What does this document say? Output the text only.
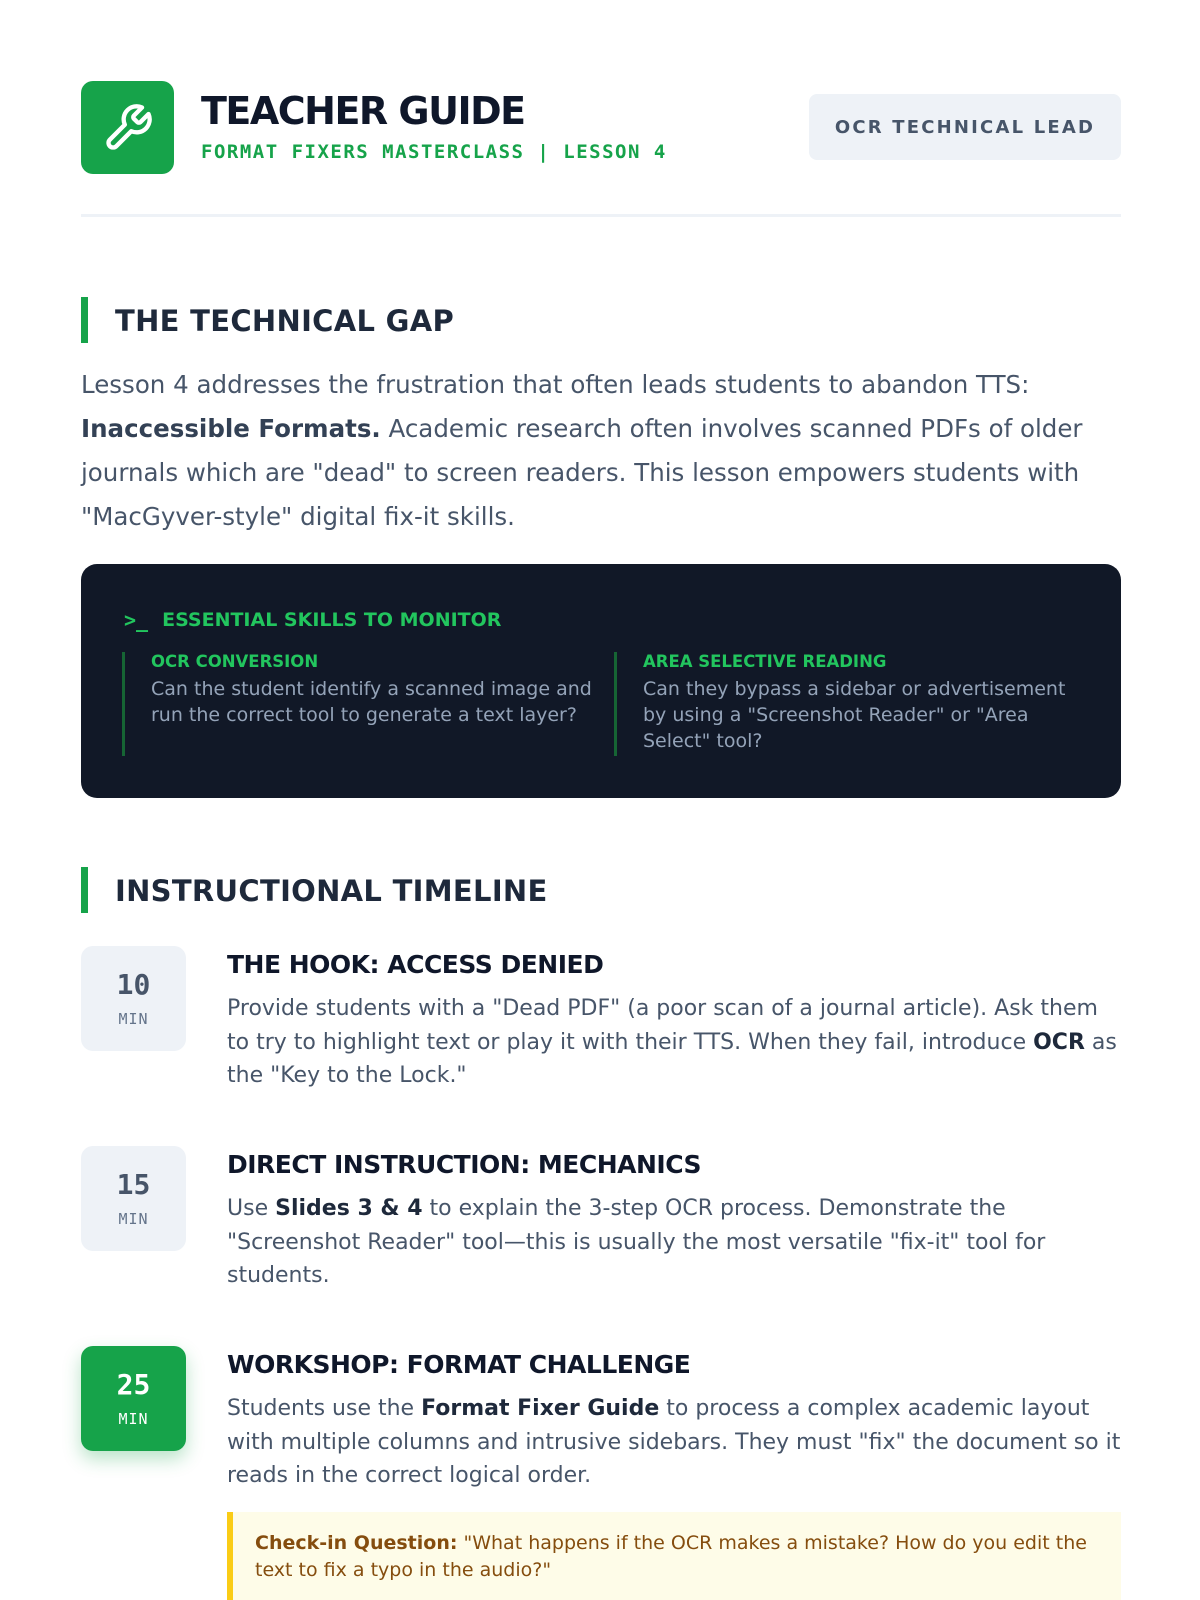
TEACHER GUIDE
FORMAT FIXERS MASTERCLASS | LESSON 4
OCR TECHNICAL LEAD
THE TECHNICAL GAP

Lesson 4 addresses the frustration that often leads students to abandon TTS: Inaccessible Formats. Academic research often involves scanned PDFs of older journals which are "dead" to screen readers. This lesson empowers students with "MacGyver-style" digital fix-it skills.

>_ ESSENTIAL SKILLS TO MONITOR
OCR CONVERSION
Can the student identify a scanned image and run the correct tool to generate a text layer?
AREA SELECTIVE READING
Can they bypass a sidebar or advertisement by using a "Screenshot Reader" or "Area Select" tool?
INSTRUCTIONAL TIMELINE
10
MIN
THE HOOK: ACCESS DENIED

Provide students with a "Dead PDF" (a poor scan of a journal article). Ask them to try to highlight text or play it with their TTS. When they fail, introduce OCR as the "Key to the Lock."

15
MIN
DIRECT INSTRUCTION: MECHANICS

Use Slides 3 & 4 to explain the 3-step OCR process. Demonstrate the "Screenshot Reader" tool—this is usually the most versatile "fix-it" tool for students.

25
MIN
WORKSHOP: FORMAT CHALLENGE

Students use the Format Fixer Guide to process a complex academic layout with multiple columns and intrusive sidebars. They must "fix" the document so it reads in the correct logical order.

Check-in Question: "What happens if the OCR makes a mistake? How do you edit the text to fix a typo in the audio?"
